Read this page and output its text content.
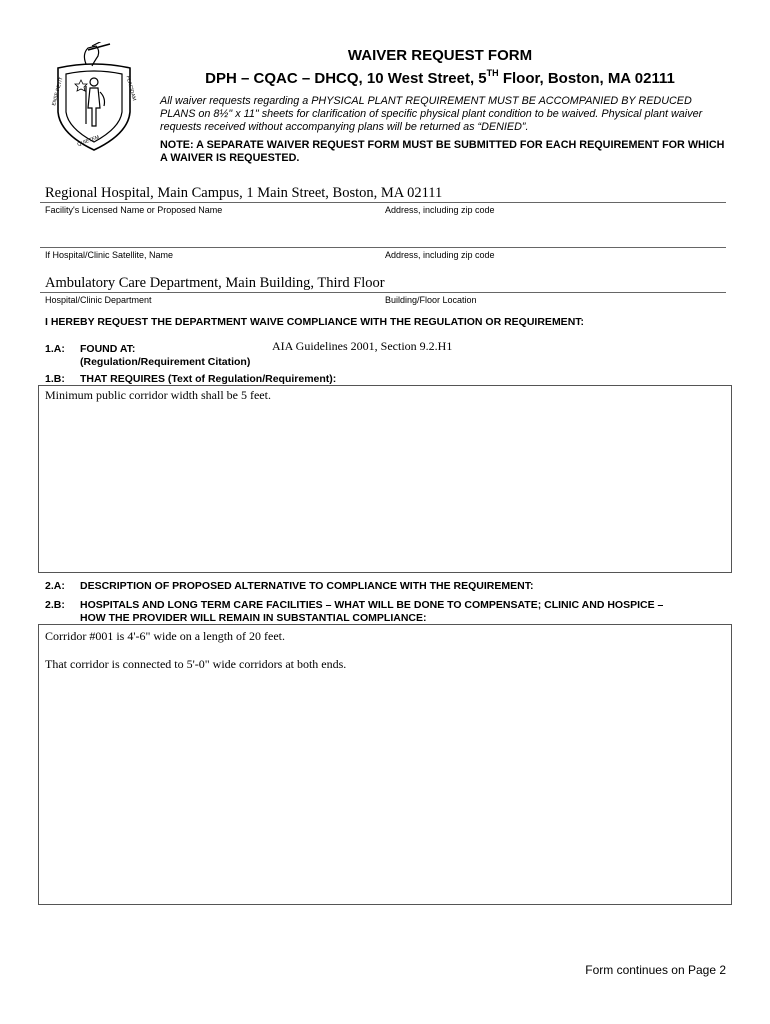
ENSE PETIT	PLACIDAM
QUIETEM
WAIVER REQUEST FORM
DPH – CQAC – DHCQ, 10 West Street, 5TH Floor, Boston, MA 02111
All waiver requests regarding a PHYSICAL PLANT REQUIREMENT MUST BE ACCOMPANIED BY REDUCED PLANS on 8½" x 11" sheets for clarification of specific physical plant condition to be waived. Physical plant waiver requests received without accompanying plans will be returned as “DENIED”.
NOTE: A SEPARATE WAIVER REQUEST FORM MUST BE SUBMITTED FOR EACH REQUIREMENT FOR WHICH A WAIVER IS REQUESTED.
Regional Hospital, Main Campus, 1 Main Street, Boston, MA 02111
Facility's Licensed Name or Proposed Name	Address, including zip code
If Hospital/Clinic Satellite, Name	Address, including zip code
Ambulatory Care Department, Main Building, Third Floor
Hospital/Clinic Department	Building/Floor Location
I HEREBY REQUEST THE DEPARTMENT WAIVE COMPLIANCE WITH THE REGULATION OR REQUIREMENT:
1.A: FOUND AT:
(Regulation/Requirement Citation)
AIA Guidelines 2001, Section 9.2.H1
1.B: THAT REQUIRES (Text of Regulation/Requirement):
Minimum public corridor width shall be 5 feet.
2.A: DESCRIPTION OF PROPOSED ALTERNATIVE TO COMPLIANCE WITH THE REQUIREMENT:
2.B: HOSPITALS AND LONG TERM CARE FACILITIES – WHAT WILL BE DONE TO COMPENSATE; CLINIC AND HOSPICE –
HOW THE PROVIDER WILL REMAIN IN SUBSTANTIAL COMPLIANCE:
Corridor #001 is 4'-6" wide on a length of 20 feet.
That corridor is connected to 5'-0" wide corridors at both ends.
Form continues on Page 2
